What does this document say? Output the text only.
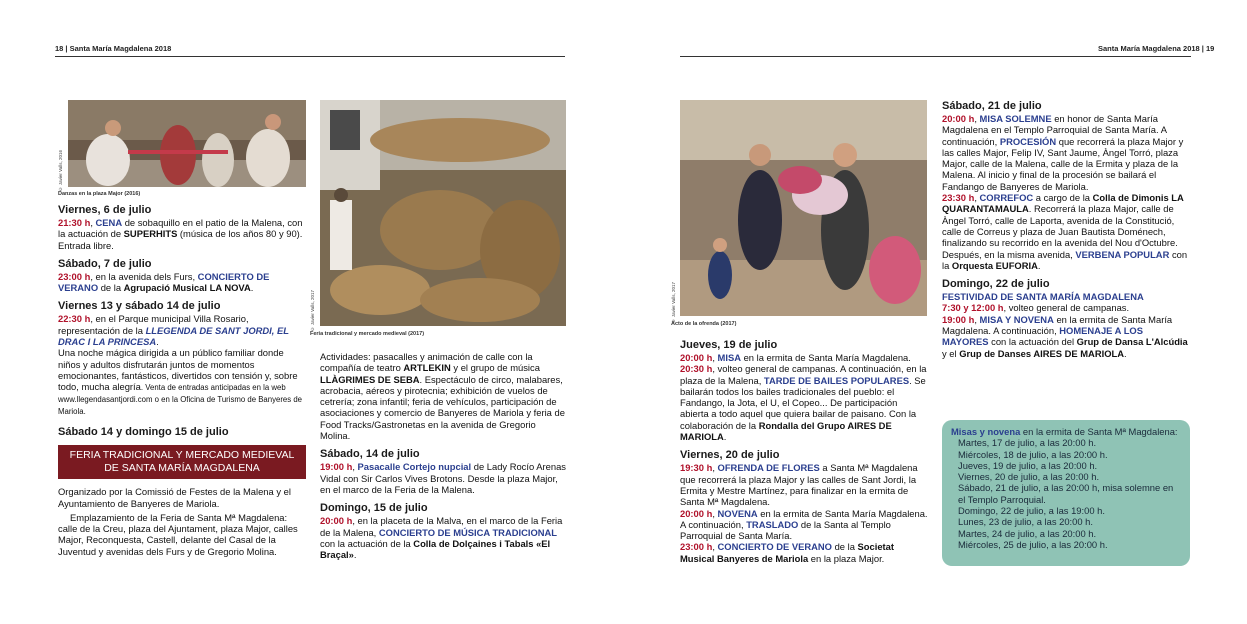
18 | Santa María Magdalena 2018	Santa María Magdalena 2018 | 19
© Javier Valls, 2016
Danzas en la plaza Major (2016)
© Javier Valls, 2017
Feria tradicional y mercado medieval (2017)
© Javier Valls, 2017
Acto de la ofrenda (2017)
Viernes, 6 de julio

21:30 h, CENA de sobaquillo en el patio de la Malena, con la actuación de SUPERHITS (música de los años 80 y 90). Entrada libre.

Sábado, 7 de julio

23:00 h, en la avenida dels Furs, CONCIERTO DE VERANO de la Agrupació Musical LA NOVA.

Viernes 13 y sábado 14 de julio

22:30 h, en el Parque municipal Villa Rosario, representación de la LLEGENDA DE SANT JORDI, EL DRAC I LA PRINCESA.

Una noche mágica dirigida a un público familiar donde niños y adultos disfrutarán juntos de momentos emocionantes, fantásticos, divertidos con tensión y, sobre todo, mucha alegría. Venta de entradas anticipadas en la web www.llegendasantjordi.com o en la Oficina de Turismo de Banyeres de Mariola.

Sábado 14 y domingo 15 de julio
FERIA TRADICIONAL Y MERCADO MEDIEVAL DE SANTA MARÍA MAGDALENA

Organizado por la Comissió de Festes de la Malena y el Ayuntamiento de Banyeres de Mariola.

Emplazamiento de la Feria de Santa Mª Magdalena: calle de la Creu, plaza del Ajuntament, plaza Major, calles Major, Reconquesta, Castell, delante del Casal de la Juventud y avenidas dels Furs y de Gregorio Molina.

Actividades: pasacalles y animación de calle con la compañía de teatro ARTLEKIN y el grupo de música LLÀGRIMES DE SEBA. Espectáculo de circo, malabares, acrobacia, aéreos y pirotecnia; exhibición de vuelos de cetrería; zona infantil; feria de vehículos, participación de asociaciones y comercio de Banyeres de Mariola y feria de Food Tracks/Gastronetas en la avenida de Gregorio Molina.

Sábado, 14 de julio

19:00 h, Pasacalle Cortejo nupcial de Lady Rocío Arenas Vidal con Sir Carlos Vives Brotons. Desde la plaza Major, en el marco de la Feria de la Malena.

Domingo, 15 de julio

20:00 h, en la placeta de la Malva, en el marco de la Feria de la Malena, CONCIERTO DE MÚSICA TRADICIONAL con la actuación de la Colla de Dolçaines i Tabals «El Braçal».

Jueves, 19 de julio

20:00 h, MISA en la ermita de Santa María Magdalena.

20:30 h, volteo general de campanas. A continuación, en la plaza de la Malena, TARDE DE BAILES POPULARES. Se bailarán todos los bailes tradicionales del pueblo: el Fandango, la Jota, el U, el Copeo... De participación abierta a todo aquel que quiera bailar de paisano. Con la colaboración de la Rondalla del Grupo AIRES DE MARIOLA.

Viernes, 20 de julio

19:30 h, OFRENDA DE FLORES a Santa Mª Magdalena que recorrerá la plaza Major y las calles de Sant Jordi, la Ermita y Mestre Martínez, para finalizar en la ermita de Santa Mª Magdalena.

20:00 h, NOVENA en la ermita de Santa María Magdalena. A continuación, TRASLADO de la Santa al Templo Parroquial de Santa María.

23:00 h, CONCIERTO DE VERANO de la Societat Musical Banyeres de Mariola en la plaza Major.

Sábado, 21 de julio

20:00 h, MISA SOLEMNE en honor de Santa María Magdalena en el Templo Parroquial de Santa María. A continuación, PROCESIÓN que recorrerá la plaza Major y las calles Major, Felip IV, Sant Jaume, Àngel Torró, plaza Major, calle de la Malena, calle de la Ermita y plaza de la Malena. Al inicio y final de la procesión se bailará el Fandango de Banyeres de Mariola.

23:30 h, CORREFOC a cargo de la Colla de Dimonis LA QUARANTAMAULA. Recorrerá la plaza Major, calle de Àngel Torró, calle de Laporta, avenida de la Constitució, calle de Correus y plaza de Juan Bautista Doménech, finalizando su recorrido en la avenida del Nou d'Octubre. Después, en la misma avenida, VERBENA POPULAR con la Orquesta EUFORIA.

Domingo, 22 de julio

FESTIVIDAD DE SANTA MARÍA MAGDALENA

7:30 y 12:00 h, volteo general de campanas.

19:00 h, MISA Y NOVENA en la ermita de Santa María Magdalena. A continuación, HOMENAJE A LOS MAYORES con la actuación del Grup de Dansa L'Alcúdia y el Grup de Danses AIRES DE MARIOLA.

Misas y novena en la ermita de Santa Mª Magdalena:

Martes, 17 de julio, a las 20:00 h.
Miércoles, 18 de julio, a las 20:00 h.
Jueves, 19 de julio, a las 20:00 h.
Viernes, 20 de julio, a las 20:00 h.
Sábado, 21 de julio, a las 20:00 h, misa solemne en el Templo Parroquial.
Domingo, 22 de julio, a las 19:00 h.
Lunes, 23 de julio, a las 20:00 h.
Martes, 24 de julio, a las 20:00 h.
Miércoles, 25 de julio, a las 20:00 h.
